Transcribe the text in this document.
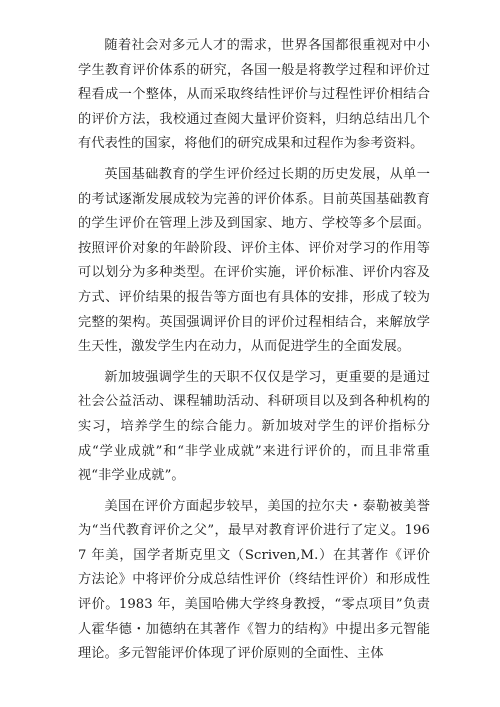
随着社会对多元人才的需求，世界各国都很重视对中小学生教育评价体系的研究，各国一般是将教学过程和评价过程看成一个整体，从而采取终结性评价与过程性评价相结合的评价方法，我校通过查阅大量评价资料，归纳总结出几个有代表性的国家，将他们的研究成果和过程作为参考资料。

英国基础教育的学生评价经过长期的历史发展，从单一的考试逐渐发展成较为完善的评价体系。目前英国基础教育的学生评价在管理上涉及到国家、地方、学校等多个层面。按照评价对象的年龄阶段、评价主体、评价对学习的作用等可以划分为多种类型。在评价实施，评价标准、评价内容及方式、评价结果的报告等方面也有具体的安排，形成了较为完整的架构。英国强调评价目的评价过程相结合，来解放学生天性，激发学生内在动力，从而促进学生的全面发展。

新加坡强调学生的天职不仅仅是学习，更重要的是通过社会公益活动、课程辅助活动、科研项目以及到各种机构的实习，培养学生的综合能力。新加坡对学生的评价指标分成“学业成就”和“非学业成就”来进行评价的，而且非常重视“非学业成就”。

美国在评价方面起步较早，美国的拉尔夫・泰勒被美誉为“当代教育评价之父”，最早对教育评价进行了定义。1967 年美，国学者斯克里文（Scriven,M.）在其著作《评价方法论》中将评价分成总结性评价（终结性评价）和形成性评价。1983 年，美国哈佛大学终身教授，“零点项目”负责人霍华德・加德纳在其著作《智力的结构》中提出多元智能理论。多元智能评价体现了评价原则的全面性、主体
